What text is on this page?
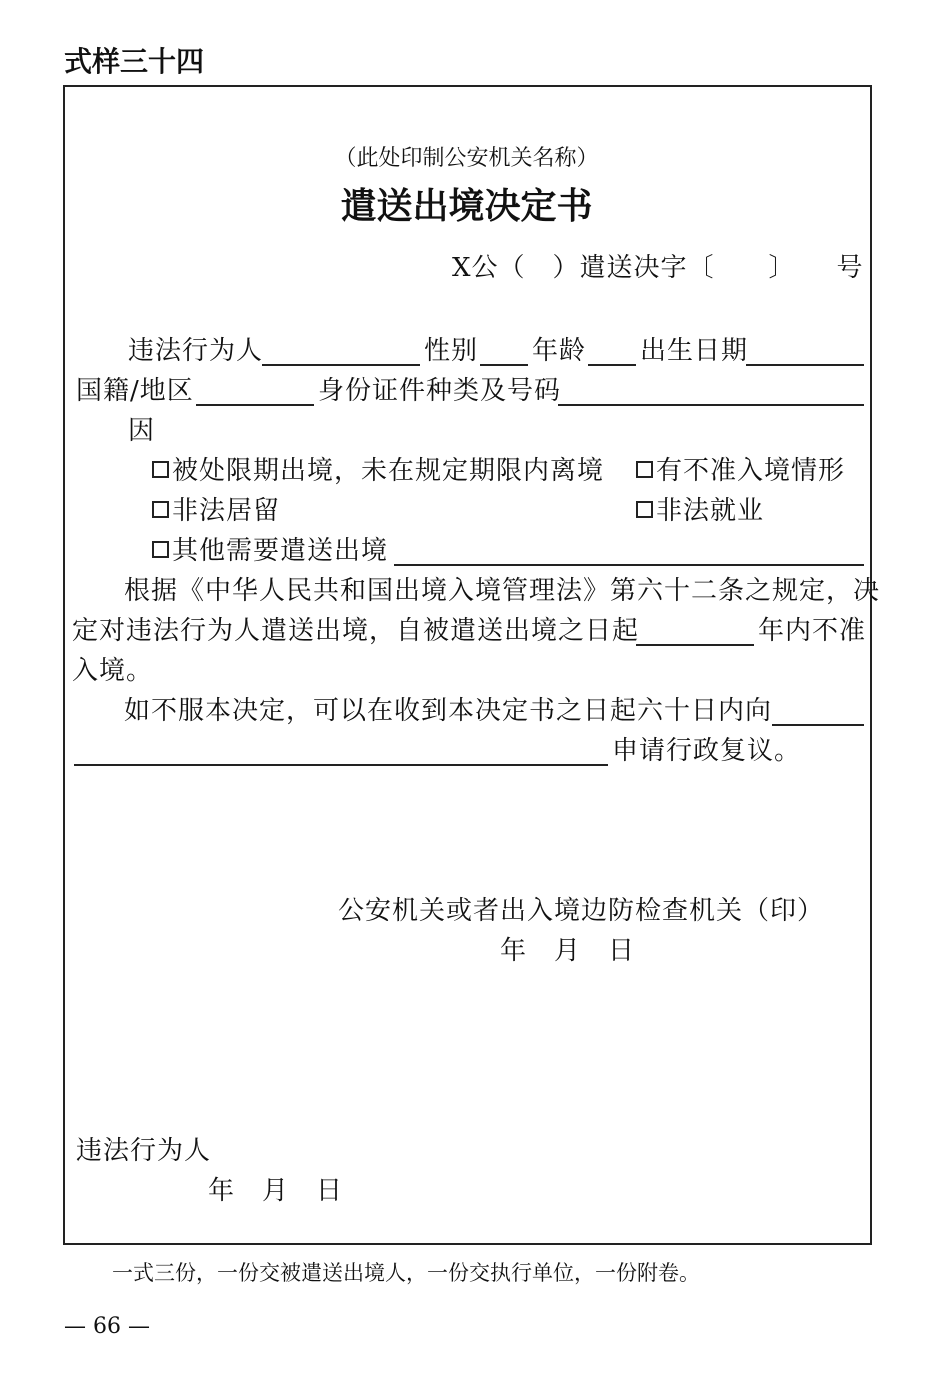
式样三十四
（此处印制公安机关名称）
遣送出境决定书
X公（　）遣送决字〔　　〕　　号
违法行为人	性别 年龄 出生日期
国籍/地区	身份证件种类及号码
因
被处限期出境，未在规定期限内离境	有不准入境情形
非法居留	非法就业
其他需要遣送出境
根据《中华人民共和国出境入境管理法》第六十二条之规定，决
定对违法行为人遣送出境，自被遣送出境之日起	年内不准
入境。
如不服本决定，可以在收到本决定书之日起六十日内向
申请行政复议。
公安机关或者出入境边防检查机关（印）
年　月　日
违法行为人
年　月　日
一式三份，一份交被遣送出境人，一份交执行单位，一份附卷。
— 66 —
